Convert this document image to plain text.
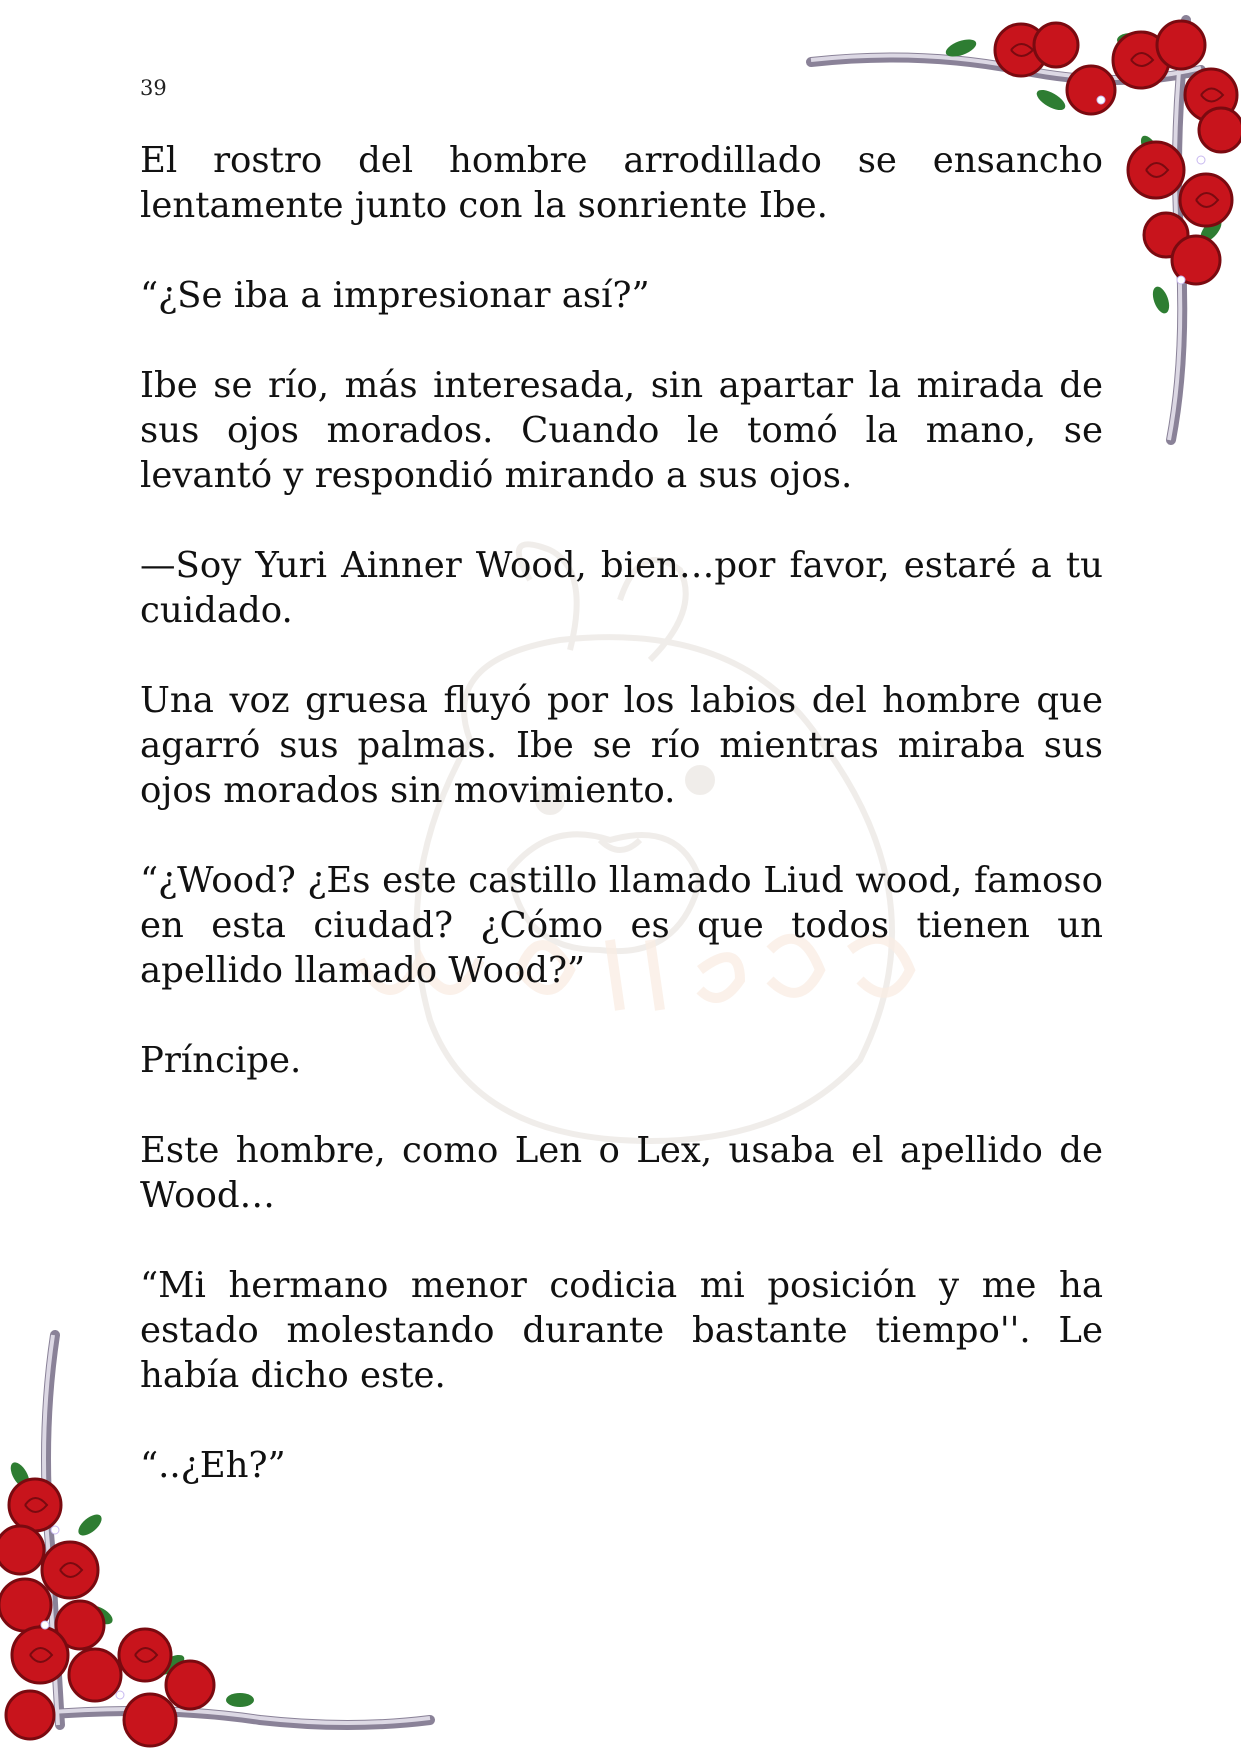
39

El rostro del hombre arrodillado se ensancho lentamente junto con la sonriente Ibe.

“¿Se iba a impresionar así?”

Ibe se río, más interesada, sin apartar la mirada de sus ojos morados. Cuando le tomó la mano, se levantó y respondió mirando a sus ojos.

—Soy Yuri Ainner Wood, bien…por favor, estaré a tu cuidado.

Una voz gruesa fluyó por los labios del hombre que agarró sus palmas. Ibe se río mientras miraba sus ojos morados sin movimiento.

“¿Wood? ¿Es este castillo llamado Liud wood, famoso en esta ciudad? ¿Cómo es que todos tienen un apellido llamado Wood?”

Príncipe.

Este hombre, como Len o Lex, usaba el apellido de Wood…

“Mi hermano menor codicia mi posición y me ha estado molestando durante bastante tiempo''. Le había dicho este.

“..¿Eh?”
